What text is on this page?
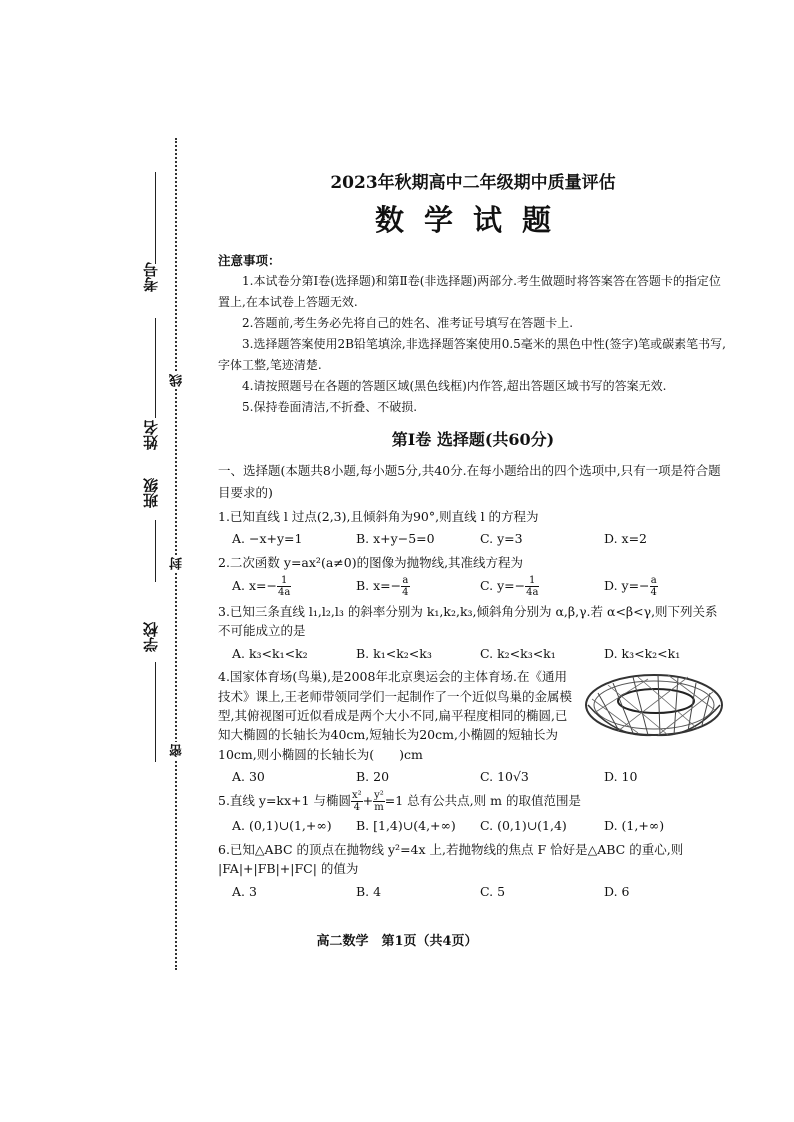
考号
姓名
班级
学校
线
封
密
2023年秋期高中二年级期中质量评估
数学试题
注意事项：

1.本试卷分第Ⅰ卷(选择题)和第Ⅱ卷(非选择题)两部分.考生做题时将答案答在答题卡的指定位置上,在本试卷上答题无效.

2.答题前,考生务必先将自己的姓名、准考证号填写在答题卡上.

3.选择题答案使用2B铅笔填涂,非选择题答案使用0.5毫米的黑色中性(签字)笔或碳素笔书写,字体工整,笔迹清楚.

4.请按照题号在各题的答题区域(黑色线框)内作答,超出答题区域书写的答案无效.

5.保持卷面清洁,不折叠、不破损.

第Ⅰ卷 选择题(共60分)

一、选择题(本题共8小题,每小题5分,共40分.在每小题给出的四个选项中,只有一项是符合题目要求的)

1.已知直线 l 过点(2,3),且倾斜角为90°,则直线 l 的方程为

A. −x+y=1	B. x+y−5=0	C. y=3	D. x=2

2.二次函数 y=ax²(a≠0)的图像为抛物线,其准线方程为

A. $x=- \frac{1}{4a}$	B. $x=- \frac{a}{4}$	C. $y=- \frac{1}{4a}$	D. $y=- \frac{a}{4}$

3.已知三条直线 l₁,l₂,l₃ 的斜率分别为 k₁,k₂,k₃,倾斜角分别为 α,β,γ.若 α<β<γ,则下列关系不可能成立的是

A. k₃<k₁<k₂	B. k₁<k₂<k₃	C. k₂<k₃<k₁	D. k₃<k₂<k₁

4.国家体育场(鸟巢),是2008年北京奥运会的主体育场.在《通用技术》课上,王老师带领同学们一起制作了一个近似鸟巢的金属模型,其俯视图可近似看成是两个大小不同,扁平程度相同的椭圆,已知大椭圆的长轴长为40cm,短轴长为20cm,小椭圆的短轴长为10cm,则小椭圆的长轴长为(　　)cm

A. 30	B. 20	C. 10√3	D. 10

5.直线 y=kx+1 与椭圆 $\frac{\text{x²}}{4} + \frac{\text{y²}}{m} =1$ 总有公共点,则 m 的取值范围是

A. (0,1)∪(1,+∞)	B. [1,4)∪(4,+∞)	C. (0,1)∪(1,4)	D. (1,+∞)

6.已知△ABC 的顶点在抛物线 y²=4x 上,若抛物线的焦点 F 恰好是△ABC 的重心,则 |FA|+|FB|+|FC| 的值为

A. 3	B. 4	C. 5	D. 6
高二数学　第1页（共4页）
